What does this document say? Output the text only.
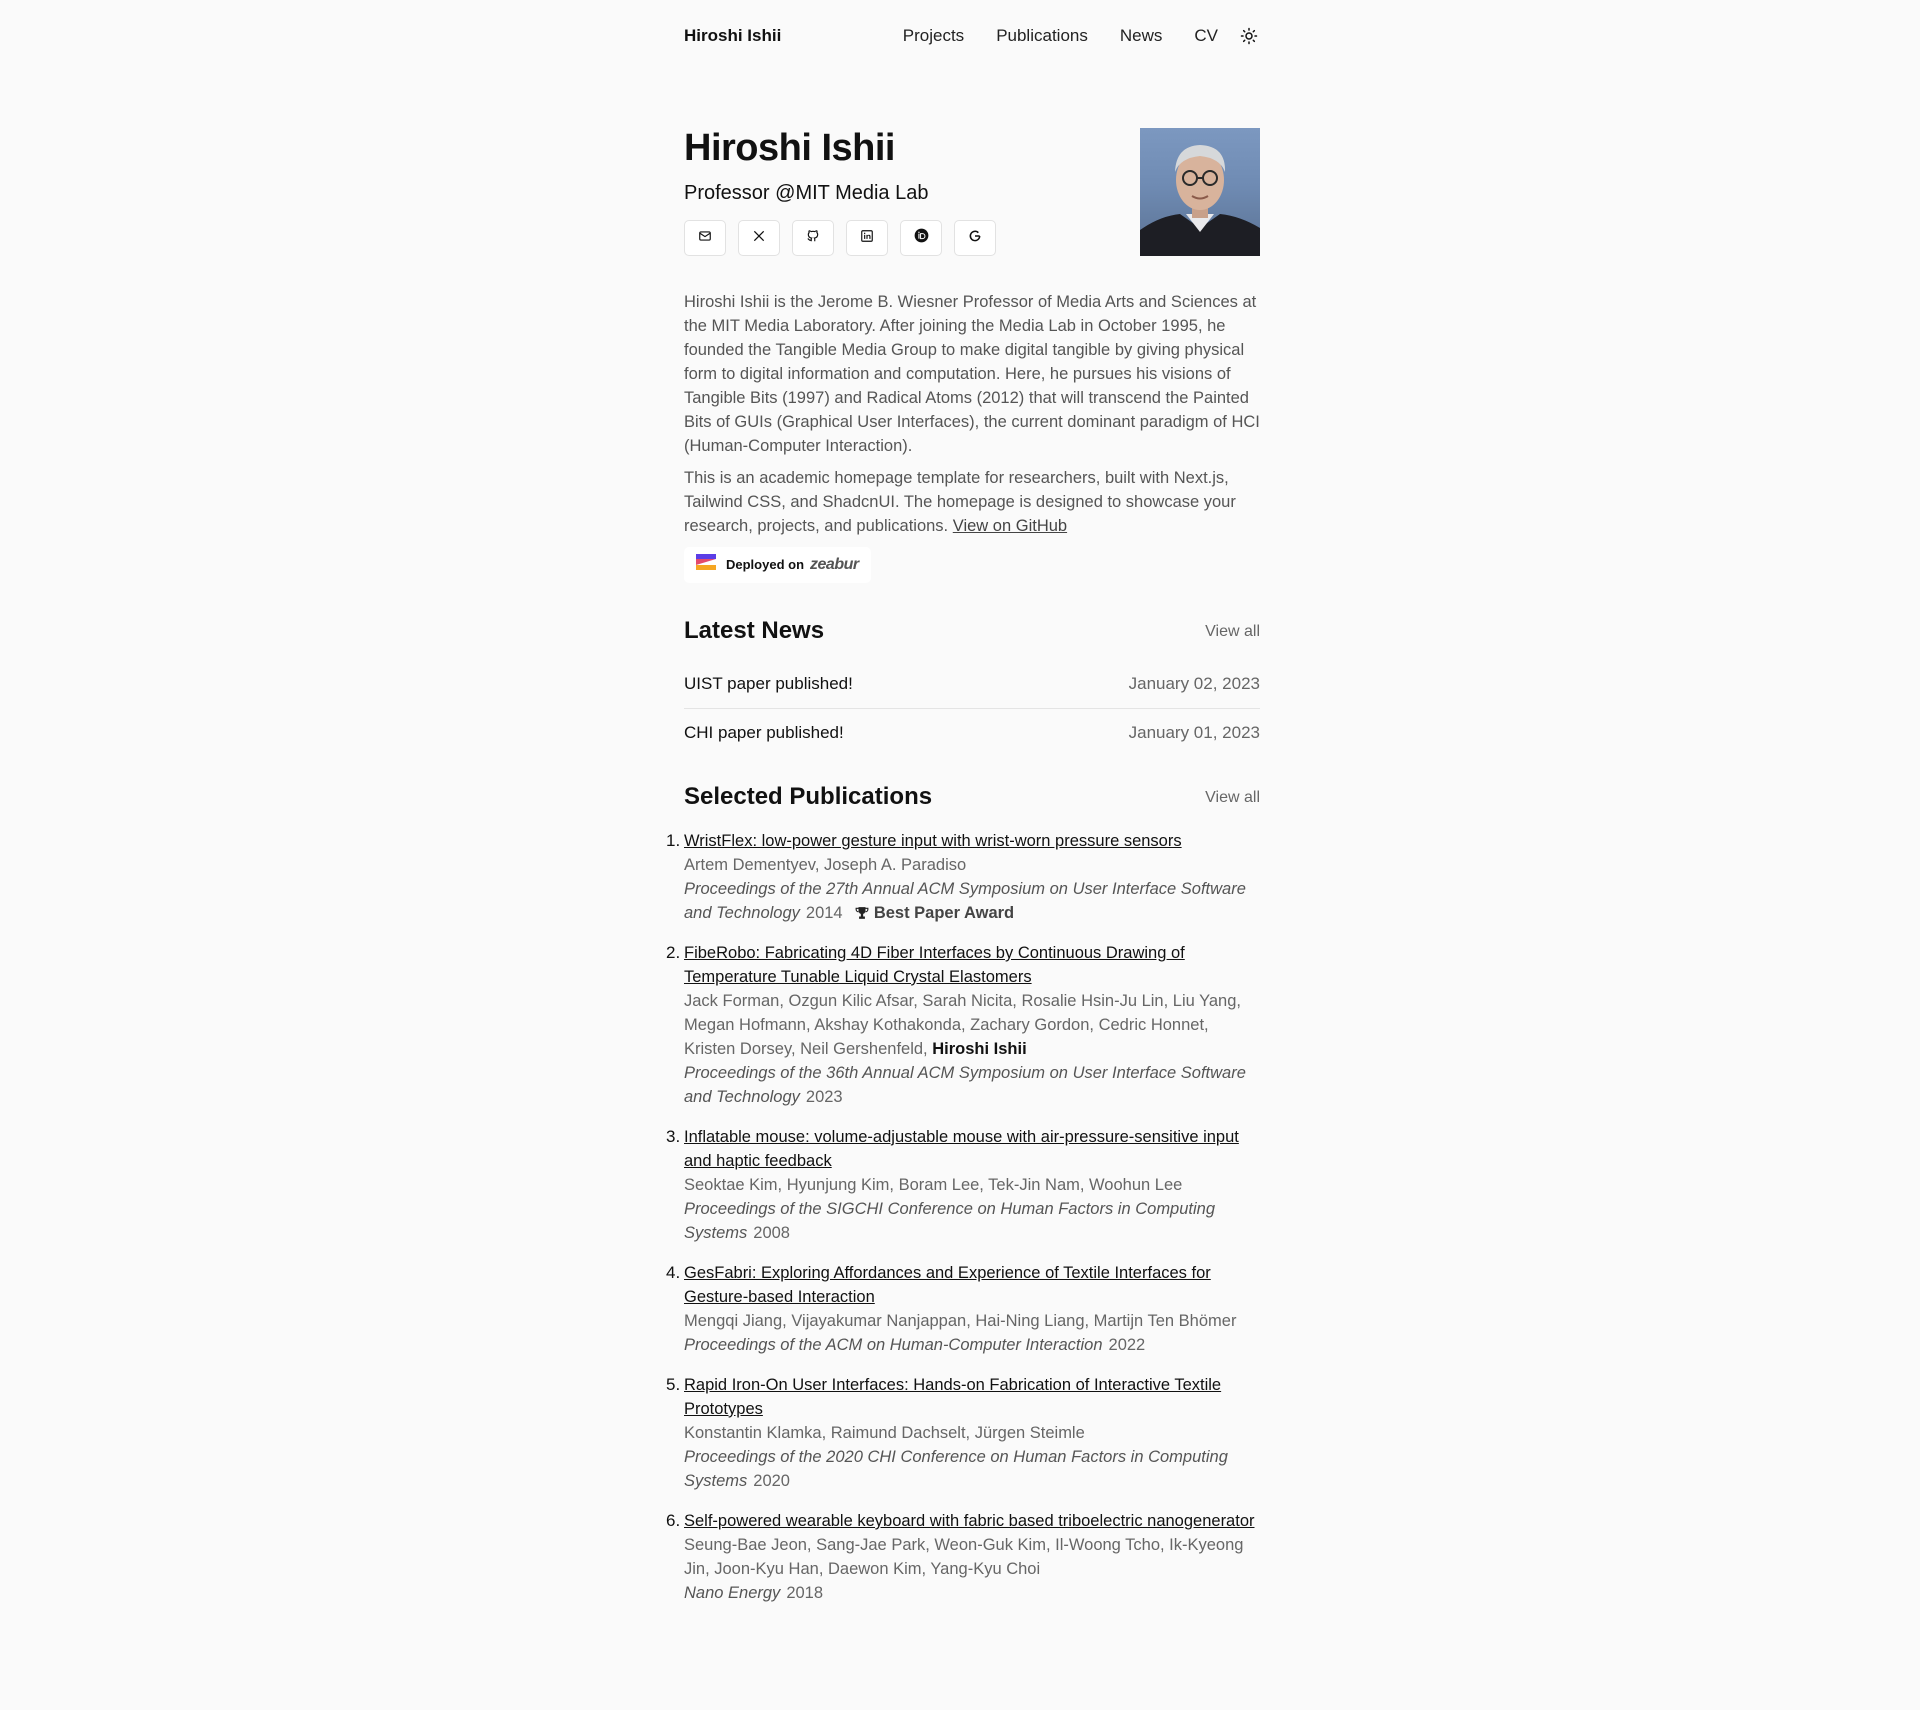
Hiroshi Ishii	Projects Publications News CV
Hiroshi Ishii
Professor @MIT Media Lab

Hiroshi Ishii is the Jerome B. Wiesner Professor of Media Arts and Sciences at the MIT Media Laboratory. After joining the Media Lab in October 1995, he founded the Tangible Media Group to make digital tangible by giving physical form to digital information and computation. Here, he pursues his visions of Tangible Bits (1997) and Radical Atoms (2012) that will transcend the Painted Bits of GUIs (Graphical User Interfaces), the current dominant paradigm of HCI (Human-Computer Interaction).

This is an academic homepage template for researchers, built with Next.js, Tailwind CSS, and ShadcnUI. The homepage is designed to showcase your research, projects, and publications. View on GitHub

Deployed on zeabur
Latest News	View all
UIST paper published!	January 02, 2023
CHI paper published!	January 01, 2023
Selected Publications	View all
1. WristFlex: low-power gesture input with wrist-worn pressure sensors
Artem Dementyev, Joseph A. Paradiso
Proceedings of the 27th Annual ACM Symposium on User Interface Software and Technology 2014 Best Paper Award
2. FibeRobo: Fabricating 4D Fiber Interfaces by Continuous Drawing of Temperature Tunable Liquid Crystal Elastomers
Jack Forman, Ozgun Kilic Afsar, Sarah Nicita, Rosalie Hsin-Ju Lin, Liu Yang, Megan Hofmann, Akshay Kothakonda, Zachary Gordon, Cedric Honnet, Kristen Dorsey, Neil Gershenfeld, Hiroshi Ishii
Proceedings of the 36th Annual ACM Symposium on User Interface Software and Technology 2023
3. Inflatable mouse: volume-adjustable mouse with air-pressure-sensitive input and haptic feedback
Seoktae Kim, Hyunjung Kim, Boram Lee, Tek-Jin Nam, Woohun Lee
Proceedings of the SIGCHI Conference on Human Factors in Computing Systems 2008
4. GesFabri: Exploring Affordances and Experience of Textile Interfaces for Gesture-based Interaction
Mengqi Jiang, Vijayakumar Nanjappan, Hai-Ning Liang, Martijn Ten Bhömer
Proceedings of the ACM on Human-Computer Interaction 2022
5. Rapid Iron-On User Interfaces: Hands-on Fabrication of Interactive Textile Prototypes
Konstantin Klamka, Raimund Dachselt, Jürgen Steimle
Proceedings of the 2020 CHI Conference on Human Factors in Computing Systems 2020
6. Self-powered wearable keyboard with fabric based triboelectric nanogenerator
Seung-Bae Jeon, Sang-Jae Park, Weon-Guk Kim, Il-Woong Tcho, Ik-Kyeong Jin, Joon-Kyu Han, Daewon Kim, Yang-Kyu Choi
Nano Energy 2018
